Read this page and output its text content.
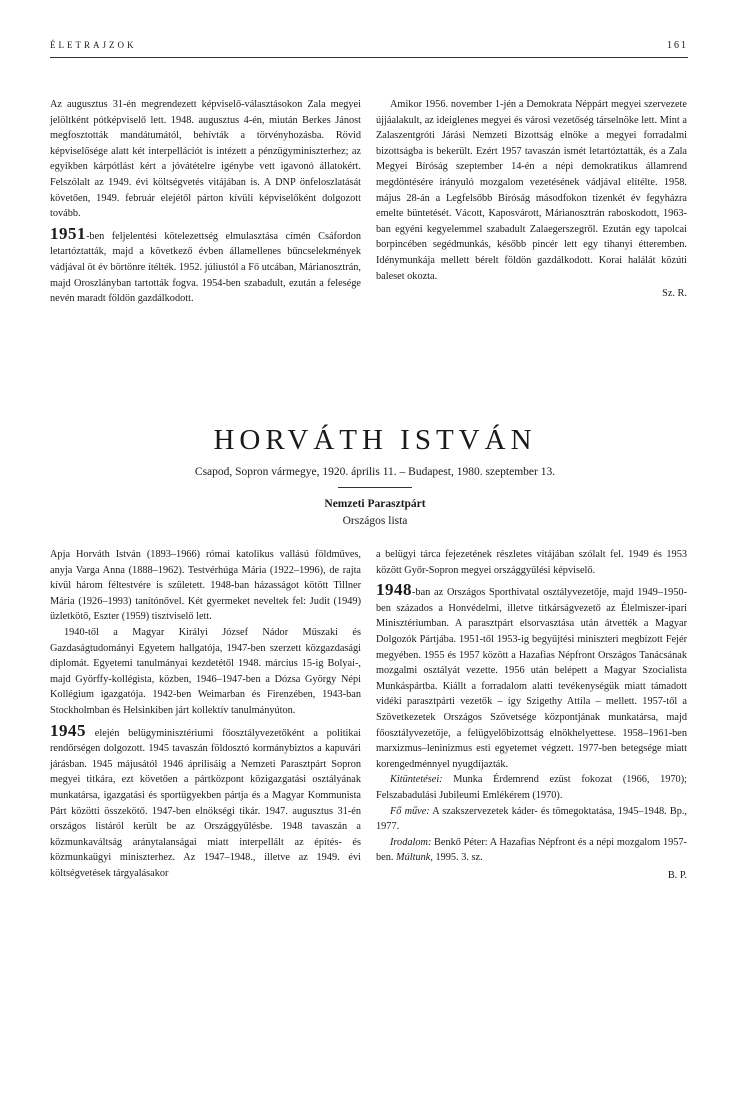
ÉLETRAJZOK	161

Az augusztus 31-én megrendezett képviselő-választásokon Zala megyei jelöltként pótképviselő lett. 1948. augusztus 4-én, miután Berkes Jánost megfosztották mandátumától, behívták a törvényhozásba. Rövid képviselősége alatt két interpellációt is intézett a pénzügyminiszterhez; az egyikben kárpótlást kért a jóvátételre igénybe vett igavonó állatokért. Felszólalt az 1949. évi költségvetés vitájában is. A DNP önfeloszlatását követően, 1949. február elejétől párton kívüli képviselőként dolgozott tovább.

1951-ben feljelentési kötelezettség elmulasztása címén Csáfordon letartóztatták, majd a következő évben államellenes bűncselekmények vádjával öt év börtönre ítélték. 1952. júliustól a Fő utcában, Márianosztrán, majd Oroszlányban tartották fogva. 1954-ben szabadult, ezután a felesége nevén maradt földön gazdálkodott.

Amikor 1956. november 1-jén a Demokrata Néppárt megyei szervezete újjáalakult, az ideiglenes megyei és városi vezetőség társelnöke lett. Mint a Zalaszentgróti Járási Nemzeti Bizottság elnöke a megyei forradalmi bizottságba is bekerült. Ezért 1957 tavaszán ismét letartóztatták, és a Zala Megyei Bíróság szeptember 14-én a népi demokratikus államrend megdöntésére irányuló mozgalom vezetésének vádjával elítélte. 1958. május 28-án a Legfelsőbb Bíróság másodfokon tizenkét év fegyházra emelte büntetését. Vácott, Kaposvárott, Márianosztrán raboskodott, 1963-ban egyéni kegyelemmel szabadult Zalaegerszegről. Ezután egy tapolcai borpincében segédmunkás, később pincér lett egy tihanyi étteremben. Idénymunkája mellett bérelt földön gazdálkodott. Korai halálát közúti baleset okozta.

Sz. R.
HORVÁTH ISTVÁN
Csapod, Sopron vármegye, 1920. április 11. – Budapest, 1980. szeptember 13.
Nemzeti Parasztpárt
Országos lista

Apja Horváth István (1893–1966) római katolikus vallású földműves, anyja Varga Anna (1888–1962). Testvérhúga Mária (1922–1996), de rajta kívül három féltestvére is született. 1948-ban házasságot kötött Tillner Mária (1926–1993) tanítónővel. Két gyermeket neveltek fel: Judit (1949) üzletkötő, Eszter (1959) tisztviselő lett.

1940-től a Magyar Királyi József Nádor Műszaki és Gazdaságtudományi Egyetem hallgatója, 1947-ben szerzett közgazdasági diplomát. Egyetemi tanulmányai kezdetétől 1948. március 15-ig Bolyai-, majd Györffy-kollégista, közben, 1946–1947-ben a Dózsa György Népi Kollégium igazgatója. 1942-ben Weimarban és Firenzében, 1943-ban Stockholmban és Helsinkiben járt kollektív tanulmányúton.

1945 elején belügyminisztériumi főosztályvezetőként a politikai rendőrségen dolgozott. 1945 tavaszán földosztó kormánybiztos a kapuvári járásban. 1945 májusától 1946 áprilisáig a Nemzeti Parasztpárt Sopron megyei titkára, ezt követően a pártközpont közigazgatási osztályának munkatársa, igazgatási és sportügyekben pártja és a Magyar Kommunista Párt közötti összekötő. 1947-ben elnökségi tikár. 1947. augusztus 31-én országos listáról került be az Országgyűlésbe. 1948 tavaszán a közmunkaváltság aránytalanságai miatt interpellált az építés- és közmunkaügyi miniszterhez. Az 1947–1948., illetve az 1949. évi költségvetések tárgyalásakor

a belügyi tárca fejezetének részletes vitájában szólalt fel. 1949 és 1953 között Győr-Sopron megyei országgyűlési képviselő.

1948-ban az Országos Sporthivatal osztályvezetője, majd 1949–1950-ben százados a Honvédelmi, illetve titkárságvezető az Élelmiszer-ipari Minisztériumban. A parasztpárt elsorvasztása után átvették a Magyar Dolgozók Pártjába. 1951-től 1953-ig begyűjtési miniszteri megbízott Fejér megyében. 1955 és 1957 között a Hazafias Népfront Országos Tanácsának mozgalmi osztályát vezette. 1956 után belépett a Magyar Szocialista Munkáspártba. Kiállt a forradalom alatti tevékenységük miatt támadott vidéki parasztpárti vezetők – így Szigethy Attila – mellett. 1957-től a Szövetkezetek Országos Szövetsége központjának munkatársa, majd főosztályvezetője, a felügyelőbizottság elnökhelyettese. 1958–1961-ben marxizmus–leninizmus esti egyetemet végzett. 1977-ben betegsége miatt korengedménnyel nyugdíjazták.

Kitüntetései: Munka Érdemrend ezüst fokozat (1966, 1970); Felszabadulási Jubileumi Emlékérem (1970).

Fő műve: A szakszervezetek káder- és tömegoktatása, 1945–1948. Bp., 1977.

Irodalom: Benkő Péter: A Hazafias Népfront és a népi mozgalom 1957-ben. Múltunk, 1995. 3. sz.

B. P.
